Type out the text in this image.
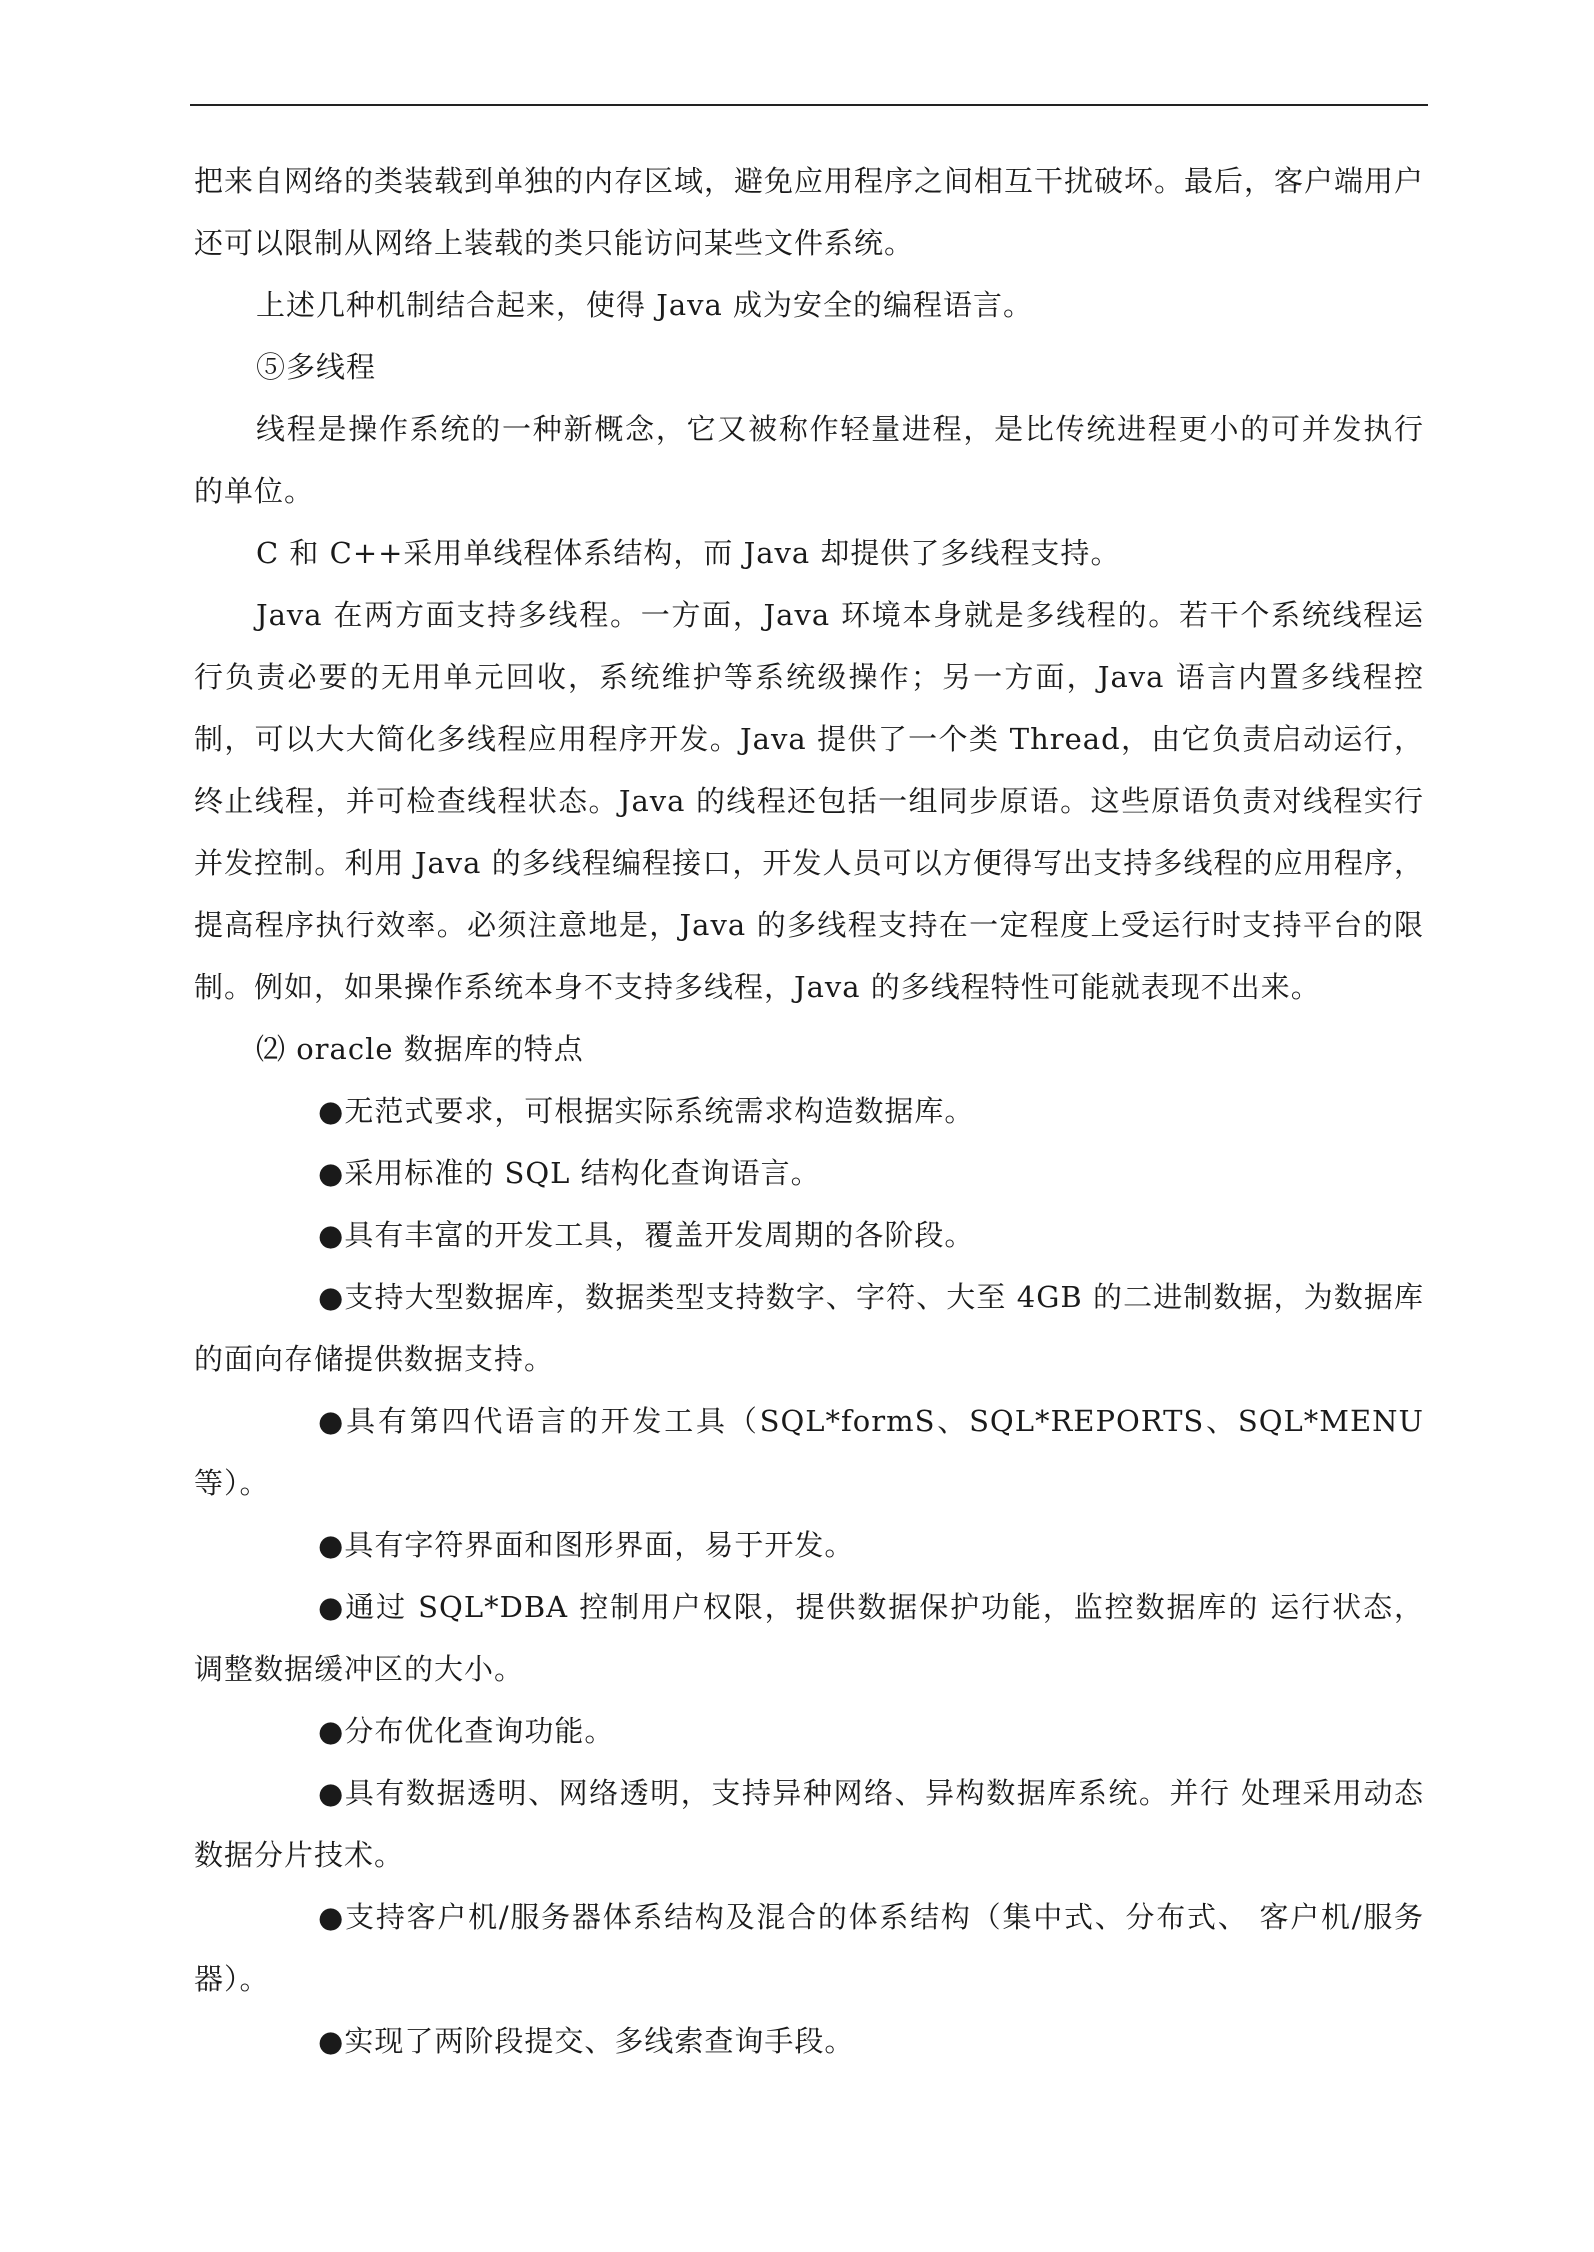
把来自网络的类装载到单独的内存区域，避免应用程序之间相互干扰破坏。最后，客户端用户还可以限制从网络上装载的类只能访问某些文件系统。

上述几种机制结合起来，使得 Java 成为安全的编程语言。

⑤多线程

线程是操作系统的一种新概念，它又被称作轻量进程，是比传统进程更小的可并发执行的单位。

C 和 C++采用单线程体系结构，而 Java 却提供了多线程支持。

Java 在两方面支持多线程。一方面，Java 环境本身就是多线程的。若干个系统线程运行负责必要的无用单元回收，系统维护等系统级操作；另一方面，Java 语言内置多线程控制，可以大大简化多线程应用程序开发。Java 提供了一个类 Thread，由它负责启动运行，终止线程，并可检查线程状态。Java 的线程还包括一组同步原语。这些原语负责对线程实行并发控制。利用 Java 的多线程编程接口，开发人员可以方便得写出支持多线程的应用程序，提高程序执行效率。必须注意地是，Java 的多线程支持在一定程度上受运行时支持平台的限制。例如，如果操作系统本身不支持多线程，Java 的多线程特性可能就表现不出来。

⑵ oracle 数据库的特点

●无范式要求，可根据实际系统需求构造数据库。

●采用标准的 SQL 结构化查询语言。

●具有丰富的开发工具，覆盖开发周期的各阶段。

●支持大型数据库，数据类型支持数字、字符、大至 4GB 的二进制数据，为数据库的面向存储提供数据支持。

●具有第四代语言的开发工具（SQL*formS、SQL*REPORTS、SQL*MENU 等）。

●具有字符界面和图形界面，易于开发。

●通过 SQL*DBA 控制用户权限，提供数据保护功能，监控数据库的 运行状态，调整数据缓冲区的大小。

●分布优化查询功能。

●具有数据透明、网络透明，支持异种网络、异构数据库系统。并行 处理采用动态数据分片技术。

●支持客户机/服务器体系结构及混合的体系结构（集中式、分布式、 客户机/服务器）。

●实现了两阶段提交、多线索查询手段。
